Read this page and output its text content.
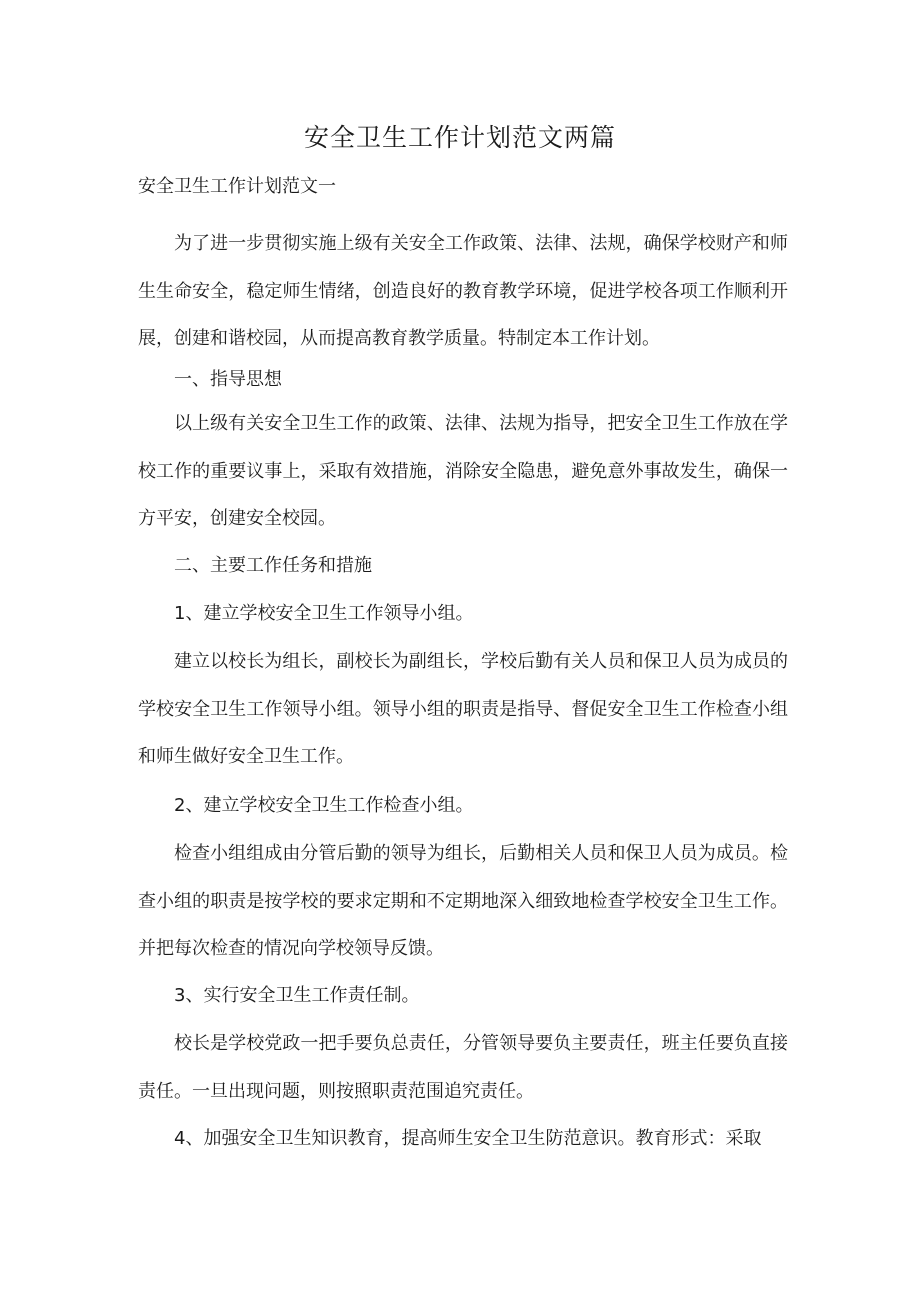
安全卫生工作计划范文两篇

安全卫生工作计划范文一

为了进一步贯彻实施上级有关安全工作政策、法律、法规，确保学校财产和师生生命安全，稳定师生情绪，创造良好的教育教学环境，促进学校各项工作顺利开展，创建和谐校园，从而提高教育教学质量。特制定本工作计划。

一、指导思想

以上级有关安全卫生工作的政策、法律、法规为指导，把安全卫生工作放在学校工作的重要议事上，采取有效措施，消除安全隐患，避免意外事故发生，确保一方平安，创建安全校园。

二、主要工作任务和措施

1、建立学校安全卫生工作领导小组。

建立以校长为组长，副校长为副组长，学校后勤有关人员和保卫人员为成员的学校安全卫生工作领导小组。领导小组的职责是指导、督促安全卫生工作检查小组和师生做好安全卫生工作。

2、建立学校安全卫生工作检查小组。

检查小组组成由分管后勤的领导为组长，后勤相关人员和保卫人员为成员。检查小组的职责是按学校的要求定期和不定期地深入细致地检查学校安全卫生工作。并把每次检查的情况向学校领导反馈。

3、实行安全卫生工作责任制。

校长是学校党政一把手要负总责任，分管领导要负主要责任，班主任要负直接责任。一旦出现问题，则按照职责范围追究责任。

4、加强安全卫生知识教育，提高师生安全卫生防范意识。教育形式：采取
